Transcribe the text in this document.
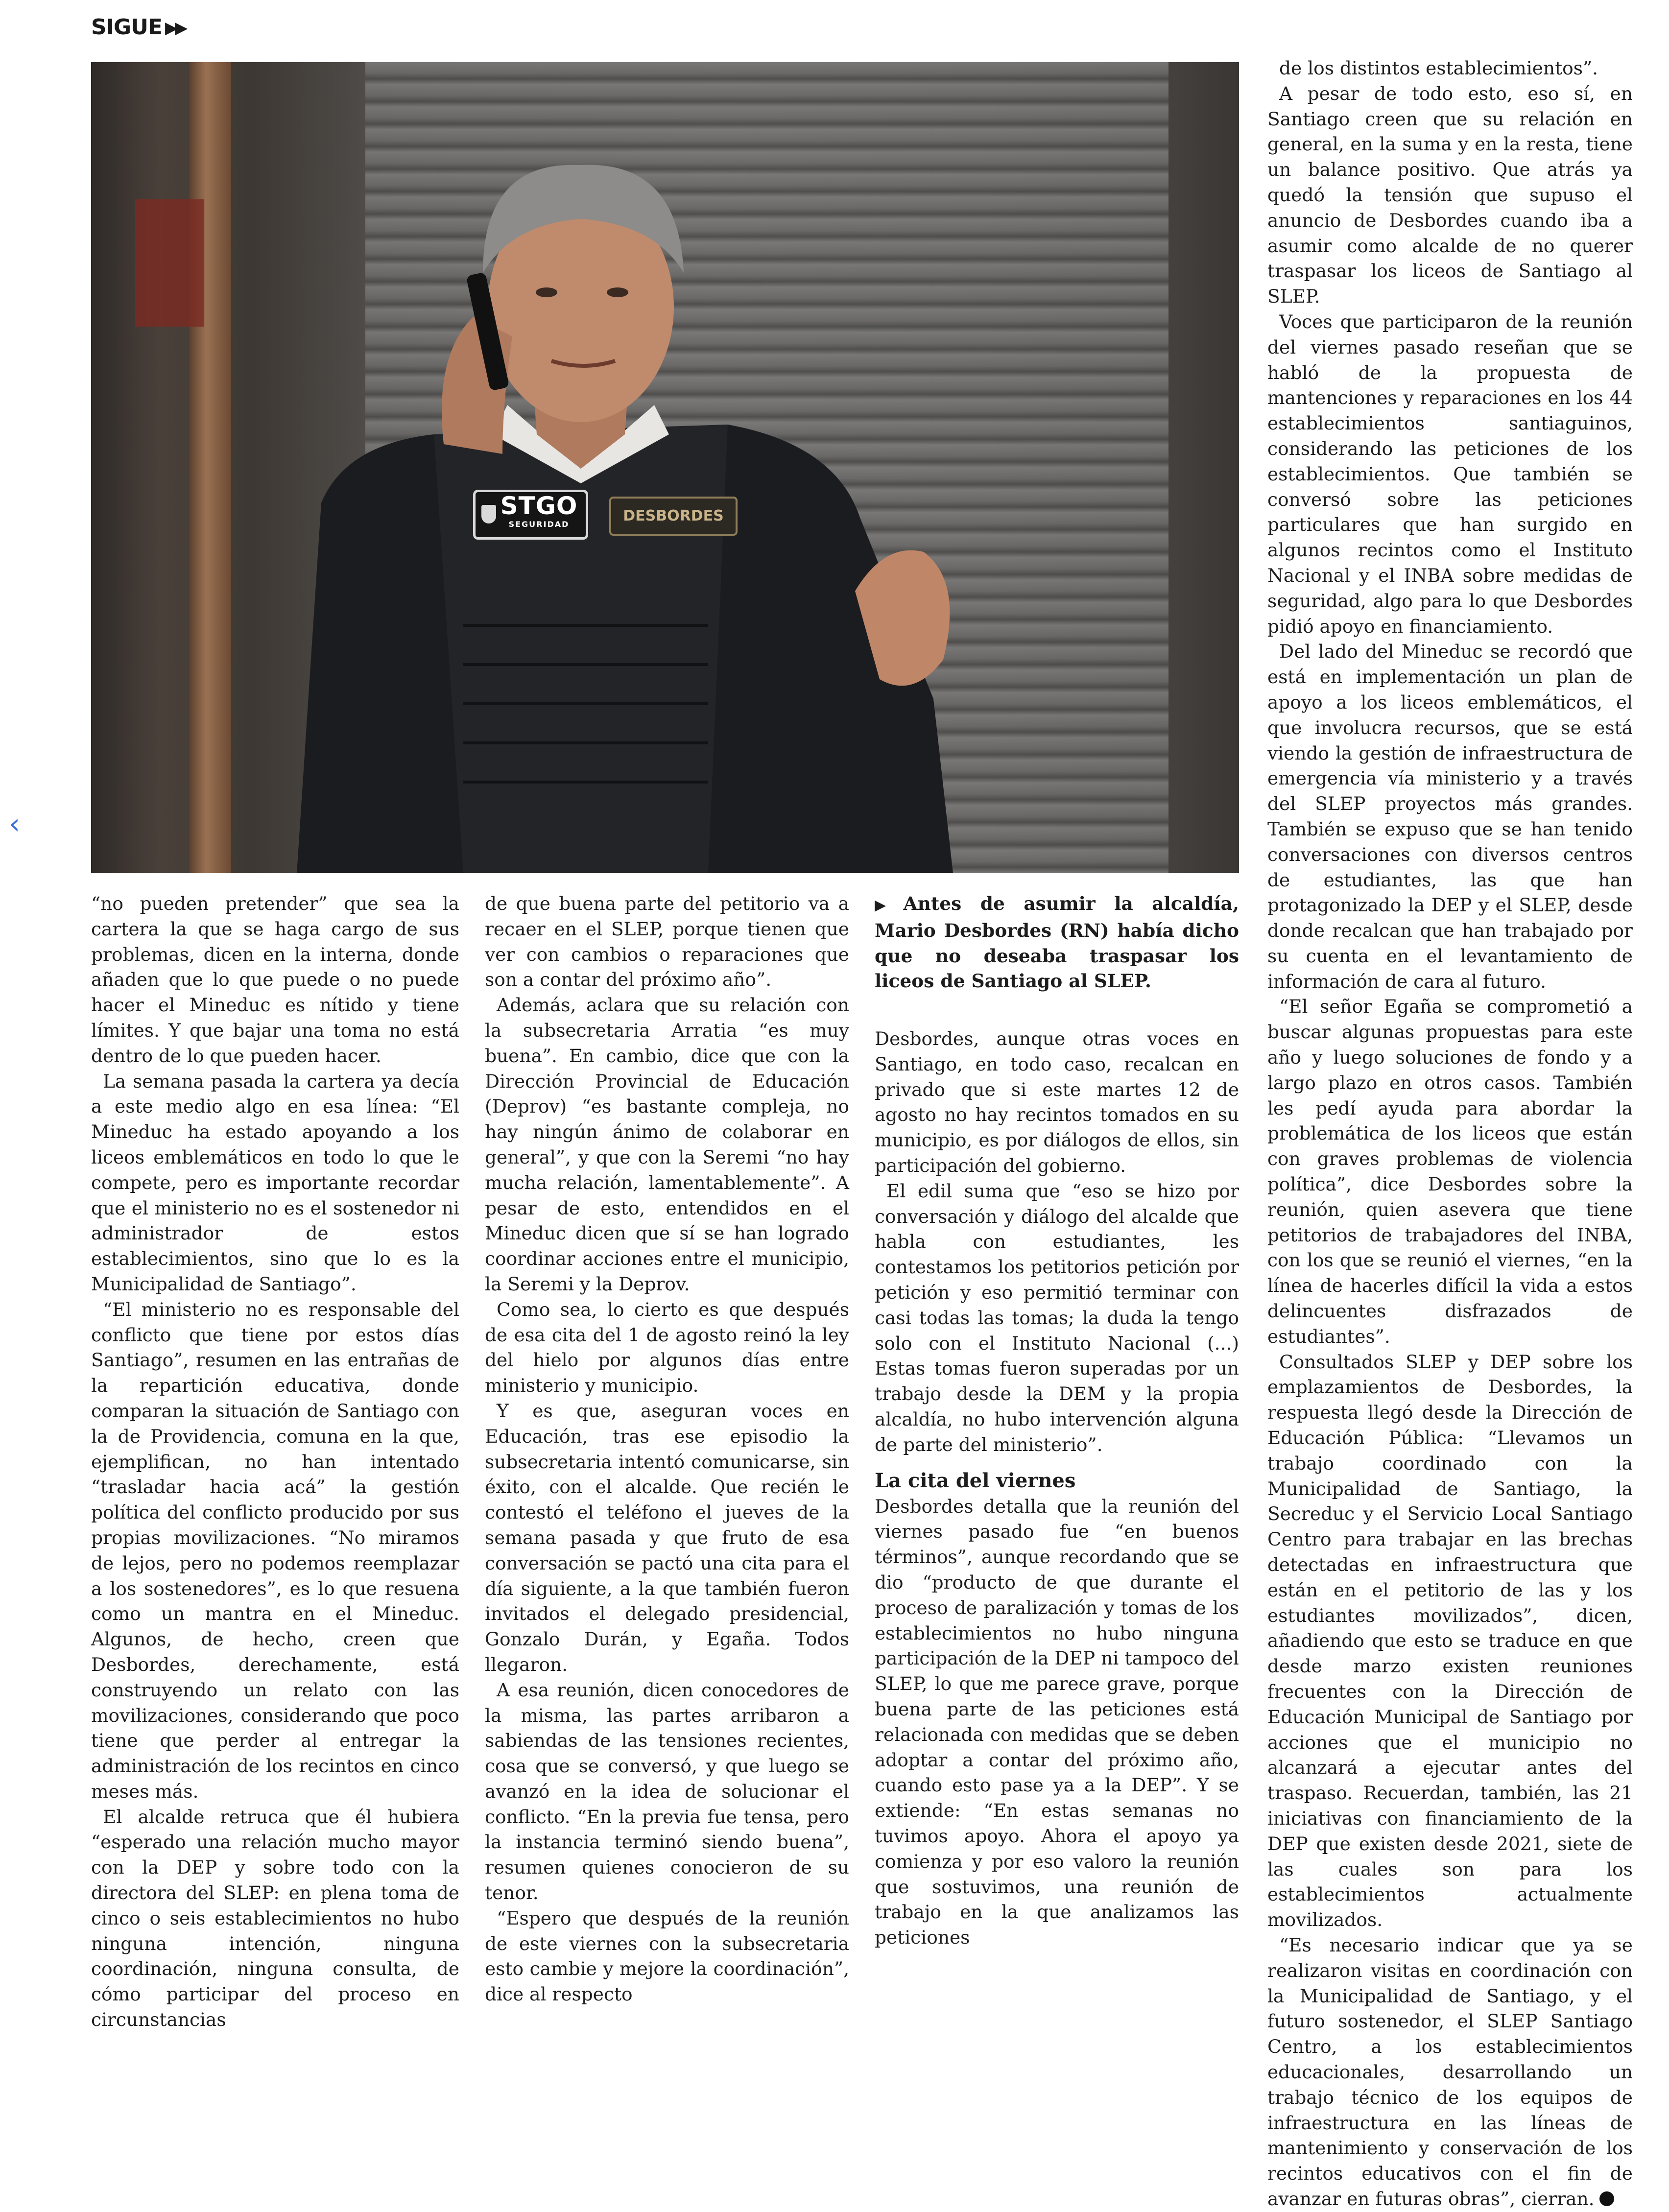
SIGUE ▶▶
‹
STGO
SEGURIDAD	DESBORDES

“no pueden pretender” que sea la cartera la que se haga cargo de sus problemas, dicen en la interna, donde añaden que lo que puede o no puede hacer el Mineduc es nítido y tiene límites. Y que bajar una toma no está dentro de lo que pueden hacer.

La semana pasada la cartera ya decía a este medio algo en esa línea: “El Mineduc ha estado apoyando a los liceos emblemáticos en todo lo que le compete, pero es importante recordar que el ministerio no es el sostenedor ni administrador de estos establecimientos, sino que lo es la Municipalidad de Santiago”.

“El ministerio no es responsable del conflicto que tiene por estos días Santiago”, resumen en las entrañas de la repartición educativa, donde comparan la situación de Santiago con la de Providencia, comuna en la que, ejemplifican, no han intentado “trasladar hacia acá” la gestión política del conflicto producido por sus propias movilizaciones. “No miramos de lejos, pero no podemos reemplazar a los sostenedores”, es lo que resuena como un mantra en el Mineduc. Algunos, de hecho, creen que Desbordes, derechamente, está construyendo un relato con las movilizaciones, considerando que poco tiene que perder al entregar la administración de los recintos en cinco meses más.

El alcalde retruca que él hubiera “esperado una relación mucho mayor con la DEP y sobre todo con la directora del SLEP: en plena toma de cinco o seis establecimientos no hubo ninguna intención, ninguna coordinación, ninguna consulta, de cómo participar del proceso en circunstancias

de que buena parte del petitorio va a recaer en el SLEP, porque tienen que ver con cambios o reparaciones que son a contar del próximo año”.

Además, aclara que su relación con la subsecretaria Arratia “es muy buena”. En cambio, dice que con la Dirección Provincial de Educación (Deprov) “es bastante compleja, no hay ningún ánimo de colaborar en general”, y que con la Seremi “no hay mucha relación, lamentablemente”. A pesar de esto, entendidos en el Mineduc dicen que sí se han logrado coordinar acciones entre el municipio, la Seremi y la Deprov.

Como sea, lo cierto es que después de esa cita del 1 de agosto reinó la ley del hielo por algunos días entre ministerio y municipio.

Y es que, aseguran voces en Educación, tras ese episodio la subsecretaria intentó comunicarse, sin éxito, con el alcalde. Que recién le contestó el teléfono el jueves de la semana pasada y que fruto de esa conversación se pactó una cita para el día siguiente, a la que también fueron invitados el delegado presidencial, Gonzalo Durán, y Egaña. Todos llegaron.

A esa reunión, dicen conocedores de la misma, las partes arribaron a sabiendas de las tensiones recientes, cosa que se conversó, y que luego se avanzó en la idea de solucionar el conflicto. “En la previa fue tensa, pero la instancia terminó siendo buena”, resumen quienes conocieron de su tenor.

“Espero que después de la reunión de este viernes con la subsecretaria esto cambie y mejore la coordinación”, dice al respecto

▶ Antes de asumir la alcaldía, Mario Desbordes (RN) había dicho que no deseaba traspasar los liceos de Santiago al SLEP.

Desbordes, aunque otras voces en Santiago, en todo caso, recalcan en privado que si este martes 12 de agosto no hay recintos tomados en su municipio, es por diálogos de ellos, sin participación del gobierno.

El edil suma que “eso se hizo por conversación y diálogo del alcalde que habla con estudiantes, les contestamos los petitorios petición por petición y eso permitió terminar con casi todas las tomas; la duda la tengo solo con el Instituto Nacional (...) Estas tomas fueron superadas por un trabajo desde la DEM y la propia alcaldía, no hubo intervención alguna de parte del ministerio”.

La cita del viernes

Desbordes detalla que la reunión del viernes pasado fue “en buenos términos”, aunque recordando que se dio “producto de que durante el proceso de paralización y tomas de los establecimientos no hubo ninguna participación de la DEP ni tampoco del SLEP, lo que me parece grave, porque buena parte de las peticiones está relacionada con medidas que se deben adoptar a contar del próximo año, cuando esto pase ya a la DEP”. Y se extiende: “En estas semanas no tuvimos apoyo. Ahora el apoyo ya comienza y por eso valoro la reunión que sostuvimos, una reunión de trabajo en la que analizamos las peticiones

de los distintos establecimientos”.

A pesar de todo esto, eso sí, en Santiago creen que su relación en general, en la suma y en la resta, tiene un balance positivo. Que atrás ya quedó la tensión que supuso el anuncio de Desbordes cuando iba a asumir como alcalde de no querer traspasar los liceos de Santiago al SLEP.

Voces que participaron de la reunión del viernes pasado reseñan que se habló de la propuesta de mantenciones y reparaciones en los 44 establecimientos santiaguinos, considerando las peticiones de los establecimientos. Que también se conversó sobre las peticiones particulares que han surgido en algunos recintos como el Instituto Nacional y el INBA sobre medidas de seguridad, algo para lo que Desbordes pidió apoyo en financiamiento.

Del lado del Mineduc se recordó que está en implementación un plan de apoyo a los liceos emblemáticos, el que involucra recursos, que se está viendo la gestión de infraestructura de emergencia vía ministerio y a través del SLEP proyectos más grandes. También se expuso que se han tenido conversaciones con diversos centros de estudiantes, las que han protagonizado la DEP y el SLEP, desde donde recalcan que han trabajado por su cuenta en el levantamiento de información de cara al futuro.

“El señor Egaña se comprometió a buscar algunas propuestas para este año y luego soluciones de fondo y a largo plazo en otros casos. También les pedí ayuda para abordar la problemática de los liceos que están con graves problemas de violencia política”, dice Desbordes sobre la reunión, quien asevera que tiene petitorios de trabajadores del INBA, con los que se reunió el viernes, “en la línea de hacerles difícil la vida a estos delincuentes disfrazados de estudiantes”.

Consultados SLEP y DEP sobre los emplazamientos de Desbordes, la respuesta llegó desde la Dirección de Educación Pública: “Llevamos un trabajo coordinado con la Municipalidad de Santiago, la Secreduc y el Servicio Local Santiago Centro para trabajar en las brechas detectadas en infraestructura que están en el petitorio de las y los estudiantes movilizados”, dicen, añadiendo que esto se traduce en que desde marzo existen reuniones frecuentes con la Dirección de Educación Municipal de Santiago por acciones que el municipio no alcanzará a ejecutar antes del traspaso. Recuerdan, también, las 21 iniciativas con financiamiento de la DEP que existen desde 2021, siete de las cuales son para los establecimientos actualmente movilizados.

“Es necesario indicar que ya se realizaron visitas en coordinación con la Municipalidad de Santiago, y el futuro sostenedor, el SLEP Santiago Centro, a los establecimientos educacionales, desarrollando un trabajo técnico de los equipos de infraestructura en las líneas de mantenimiento y conservación de los recintos educativos con el fin de avanzar en futuras obras”, cierran.
